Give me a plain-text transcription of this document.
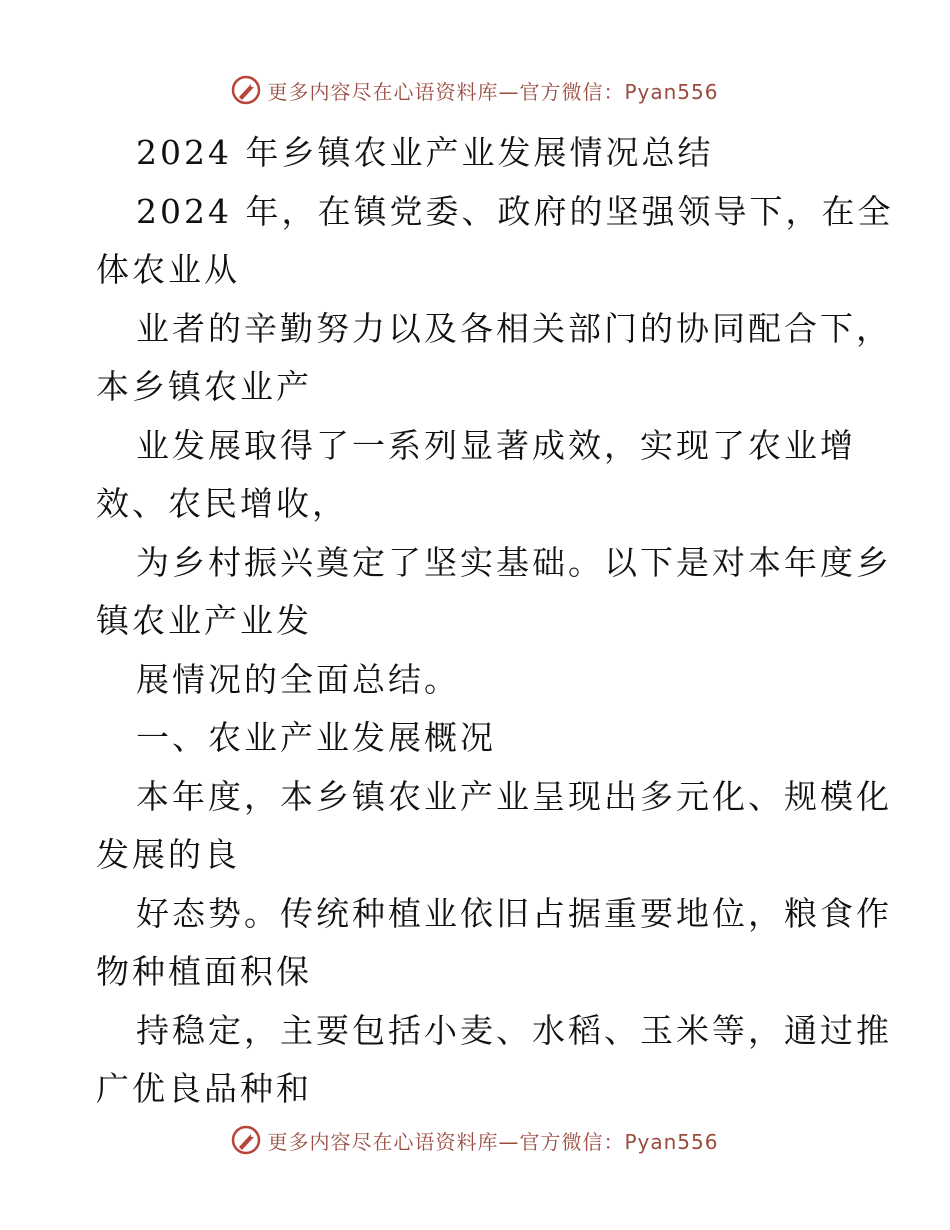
更多内容尽在心语资料库—官方微信：Pyan556
2024 年乡镇农业产业发展情况总结
2024 年，在镇党委、政府的坚强领导下，在全
体农业从
业者的辛勤努力以及各相关部门的协同配合下，
本乡镇农业产
业发展取得了一系列显著成效，实现了农业增
效、农民增收，
为乡村振兴奠定了坚实基础。以下是对本年度乡
镇农业产业发
展情况的全面总结。
一、农业产业发展概况
本年度，本乡镇农业产业呈现出多元化、规模化
发展的良
好态势。传统种植业依旧占据重要地位，粮食作
物种植面积保
持稳定，主要包括小麦、水稻、玉米等，通过推
广优良品种和
更多内容尽在心语资料库—官方微信：Pyan556
